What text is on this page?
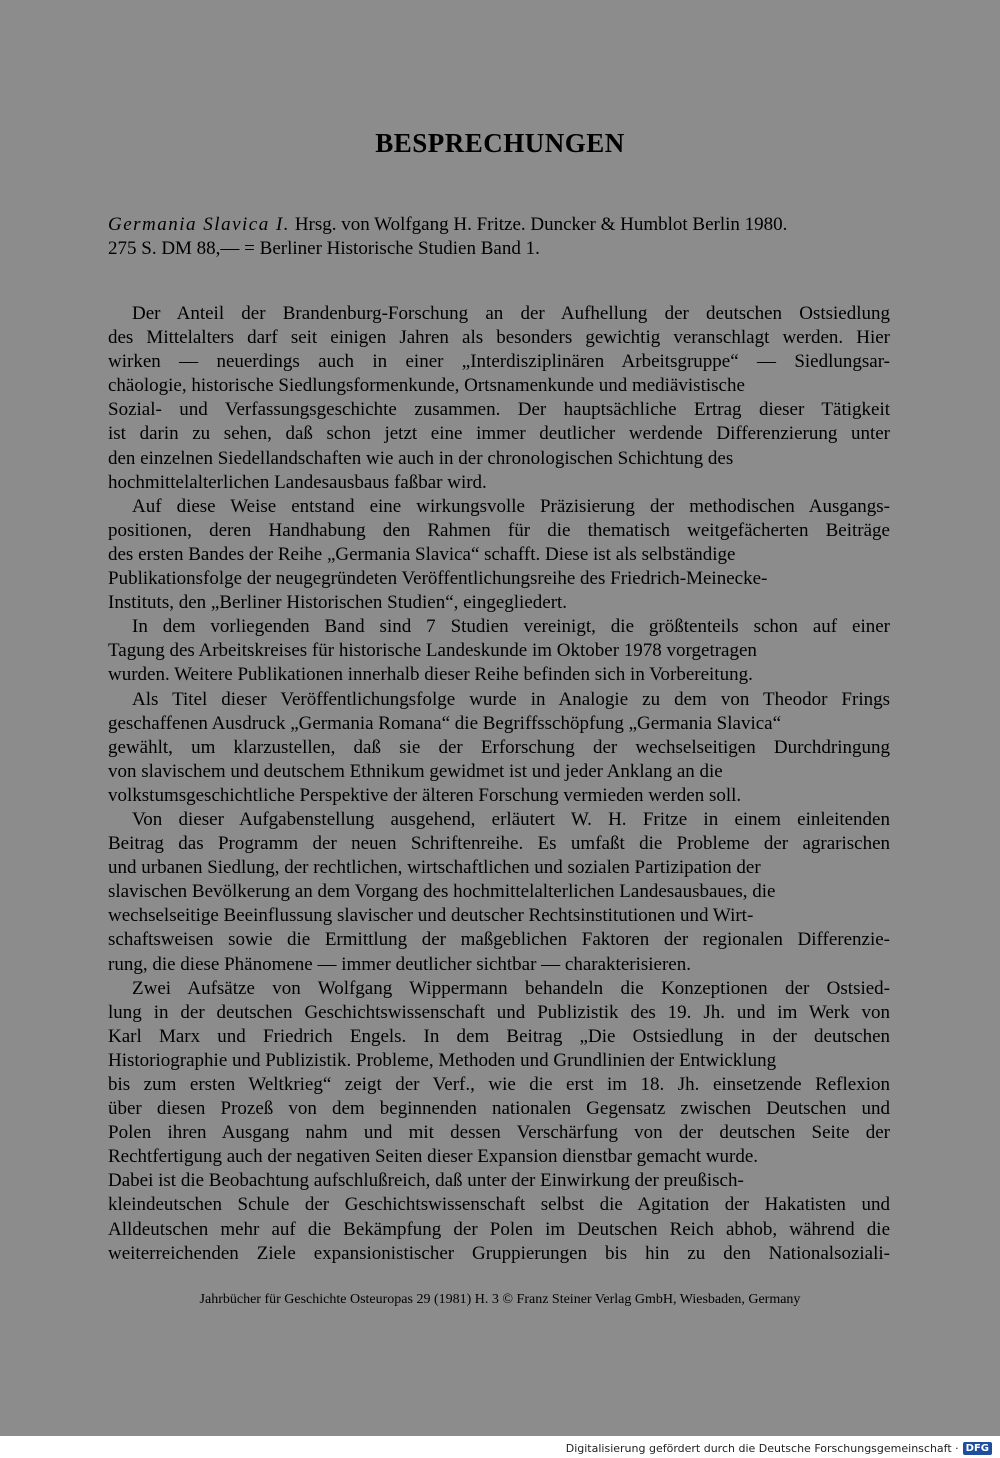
BESPRECHUNGEN
Germania Slavica I. Hrsg. von Wolfgang H. Fritze. Duncker & Humblot Berlin 1980.
275 S. DM 88,— = Berliner Historische Studien Band 1.
Der Anteil der Brandenburg-Forschung an der Aufhellung der deutschen Ostsiedlung
des Mittelalters darf seit einigen Jahren als besonders gewichtig veranschlagt werden. Hier
wirken — neuerdings auch in einer „Interdisziplinären Arbeitsgruppe“ — Siedlungsar-
chäologie, historische Siedlungsformenkunde, Ortsnamenkunde und mediävistische
Sozial- und Verfassungsgeschichte zusammen. Der hauptsächliche Ertrag dieser Tätigkeit
ist darin zu sehen, daß schon jetzt eine immer deutlicher werdende Differenzierung unter
den einzelnen Siedellandschaften wie auch in der chronologischen Schichtung des
hochmittelalterlichen Landesausbaus faßbar wird.
Auf diese Weise entstand eine wirkungsvolle Präzisierung der methodischen Ausgangs-
positionen, deren Handhabung den Rahmen für die thematisch weitgefächerten Beiträge
des ersten Bandes der Reihe „Germania Slavica“ schafft. Diese ist als selbständige
Publikationsfolge der neugegründeten Veröffentlichungsreihe des Friedrich-Meinecke-
Instituts, den „Berliner Historischen Studien“, eingegliedert.
In dem vorliegenden Band sind 7 Studien vereinigt, die größtenteils schon auf einer
Tagung des Arbeitskreises für historische Landeskunde im Oktober 1978 vorgetragen
wurden. Weitere Publikationen innerhalb dieser Reihe befinden sich in Vorbereitung.
Als Titel dieser Veröffentlichungsfolge wurde in Analogie zu dem von Theodor Frings
geschaffenen Ausdruck „Germania Romana“ die Begriffsschöpfung „Germania Slavica“
gewählt, um klarzustellen, daß sie der Erforschung der wechselseitigen Durchdringung
von slavischem und deutschem Ethnikum gewidmet ist und jeder Anklang an die
volkstumsgeschichtliche Perspektive der älteren Forschung vermieden werden soll.
Von dieser Aufgabenstellung ausgehend, erläutert W. H. Fritze in einem einleitenden
Beitrag das Programm der neuen Schriftenreihe. Es umfaßt die Probleme der agrarischen
und urbanen Siedlung, der rechtlichen, wirtschaftlichen und sozialen Partizipation der
slavischen Bevölkerung an dem Vorgang des hochmittelalterlichen Landesausbaues, die
wechselseitige Beeinflussung slavischer und deutscher Rechtsinstitutionen und Wirt-
schaftsweisen sowie die Ermittlung der maßgeblichen Faktoren der regionalen Differenzie-
rung, die diese Phänomene — immer deutlicher sichtbar — charakterisieren.
Zwei Aufsätze von Wolfgang Wippermann behandeln die Konzeptionen der Ostsied-
lung in der deutschen Geschichtswissenschaft und Publizistik des 19. Jh. und im Werk von
Karl Marx und Friedrich Engels. In dem Beitrag „Die Ostsiedlung in der deutschen
Historiographie und Publizistik. Probleme, Methoden und Grundlinien der Entwicklung
bis zum ersten Weltkrieg“ zeigt der Verf., wie die erst im 18. Jh. einsetzende Reflexion
über diesen Prozeß von dem beginnenden nationalen Gegensatz zwischen Deutschen und
Polen ihren Ausgang nahm und mit dessen Verschärfung von der deutschen Seite der
Rechtfertigung auch der negativen Seiten dieser Expansion dienstbar gemacht wurde.
Dabei ist die Beobachtung aufschlußreich, daß unter der Einwirkung der preußisch-
kleindeutschen Schule der Geschichtswissenschaft selbst die Agitation der Hakatisten und
Alldeutschen mehr auf die Bekämpfung der Polen im Deutschen Reich abhob, während die
weiterreichenden Ziele expansionistischer Gruppierungen bis hin zu den Nationalsoziali-
Jahrbücher für Geschichte Osteuropas 29 (1981) H. 3 © Franz Steiner Verlag GmbH, Wiesbaden, Germany
Digitalisierung gefördert durch die Deutsche Forschungsgemeinschaft · DFG
